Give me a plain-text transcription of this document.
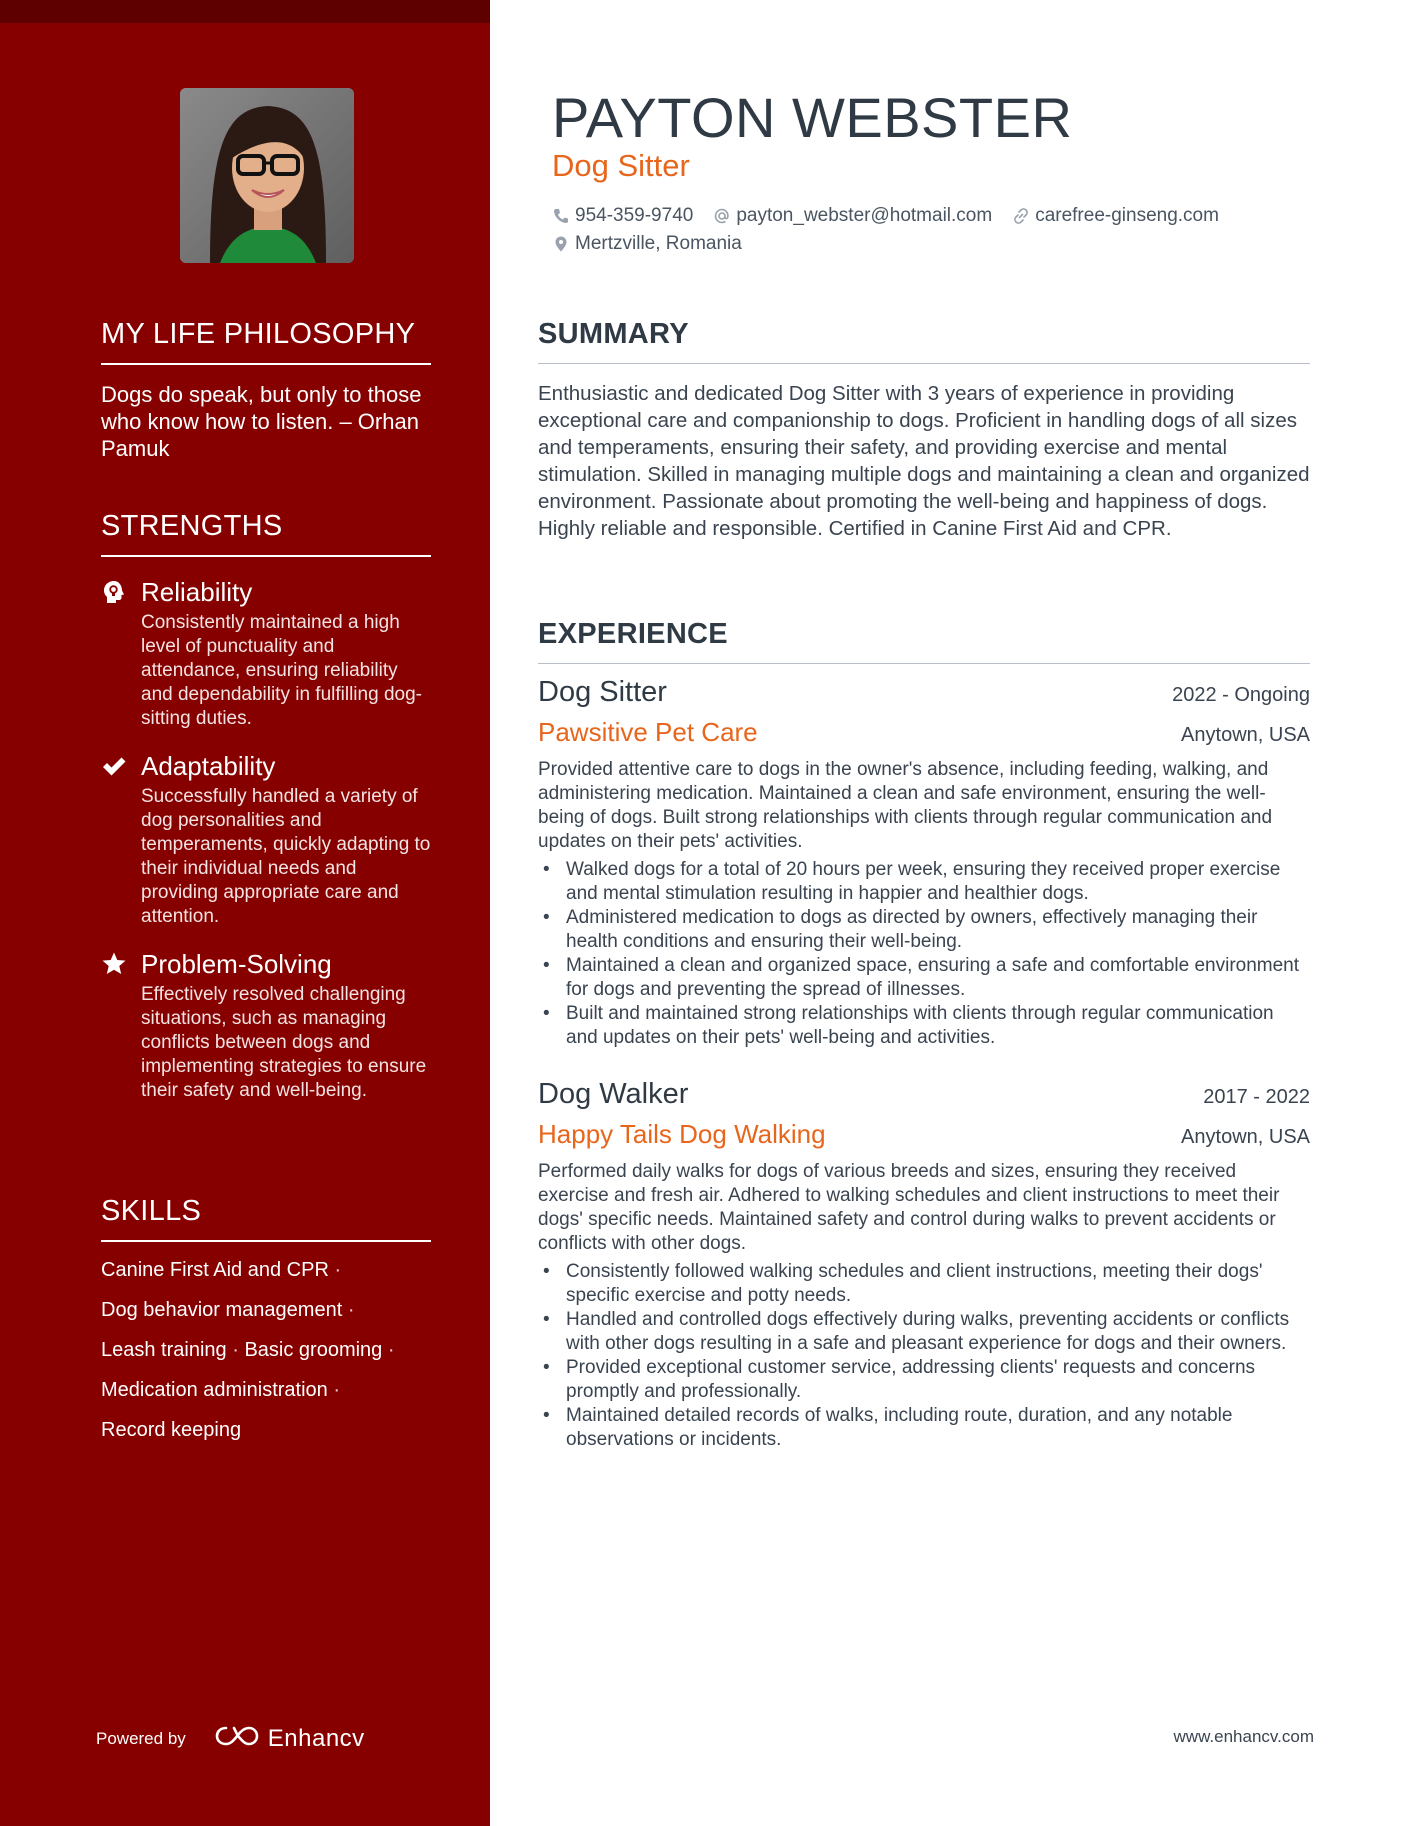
MY LIFE PHILOSOPHY

Dogs do speak, but only to those who know how to listen. – Orhan Pamuk

STRENGTHS
Reliability
Consistently maintained a high level of punctuality and attendance, ensuring reliability and dependability in fulfilling dog-sitting duties.
Adaptability
Successfully handled a variety of dog personalities and temperaments, quickly adapting to their individual needs and providing appropriate care and attention.
Problem-Solving
Effectively resolved challenging situations, such as managing conflicts between dogs and implementing strategies to ensure their safety and well-being.
SKILLS
Canine First Aid and CPR ·
Dog behavior management ·
Leash training · Basic grooming ·
Medication administration ·
Record keeping
Powered by	Enhancv
PAYTON WEBSTER
Dog Sitter
954-359-9740 payton_webster@hotmail.com carefree-ginseng.com
Mertzville, Romania
SUMMARY

Enthusiastic and dedicated Dog Sitter with 3 years of experience in providing exceptional care and companionship to dogs. Proficient in handling dogs of all sizes and temperaments, ensuring their safety, and providing exercise and mental stimulation. Skilled in managing multiple dogs and maintaining a clean and organized environment. Passionate about promoting the well-being and happiness of dogs. Highly reliable and responsible. Certified in Canine First Aid and CPR.

EXPERIENCE
Dog Sitter	2022 - Ongoing
Pawsitive Pet Care	Anytown, USA

Provided attentive care to dogs in the owner's absence, including feeding, walking, and administering medication. Maintained a clean and safe environment, ensuring the well-being of dogs. Built strong relationships with clients through regular communication and updates on their pets' activities.

• Walked dogs for a total of 20 hours per week, ensuring they received proper exercise and mental stimulation resulting in happier and healthier dogs.
• Administered medication to dogs as directed by owners, effectively managing their health conditions and ensuring their well-being.
• Maintained a clean and organized space, ensuring a safe and comfortable environment for dogs and preventing the spread of illnesses.
• Built and maintained strong relationships with clients through regular communication and updates on their pets' well-being and activities.
Dog Walker	2017 - 2022
Happy Tails Dog Walking	Anytown, USA

Performed daily walks for dogs of various breeds and sizes, ensuring they received exercise and fresh air. Adhered to walking schedules and client instructions to meet their dogs' specific needs. Maintained safety and control during walks to prevent accidents or conflicts with other dogs.

• Consistently followed walking schedules and client instructions, meeting their dogs' specific exercise and potty needs.
• Handled and controlled dogs effectively during walks, preventing accidents or conflicts with other dogs resulting in a safe and pleasant experience for dogs and their owners.
• Provided exceptional customer service, addressing clients' requests and concerns promptly and professionally.
• Maintained detailed records of walks, including route, duration, and any notable observations or incidents.
www.enhancv.com
